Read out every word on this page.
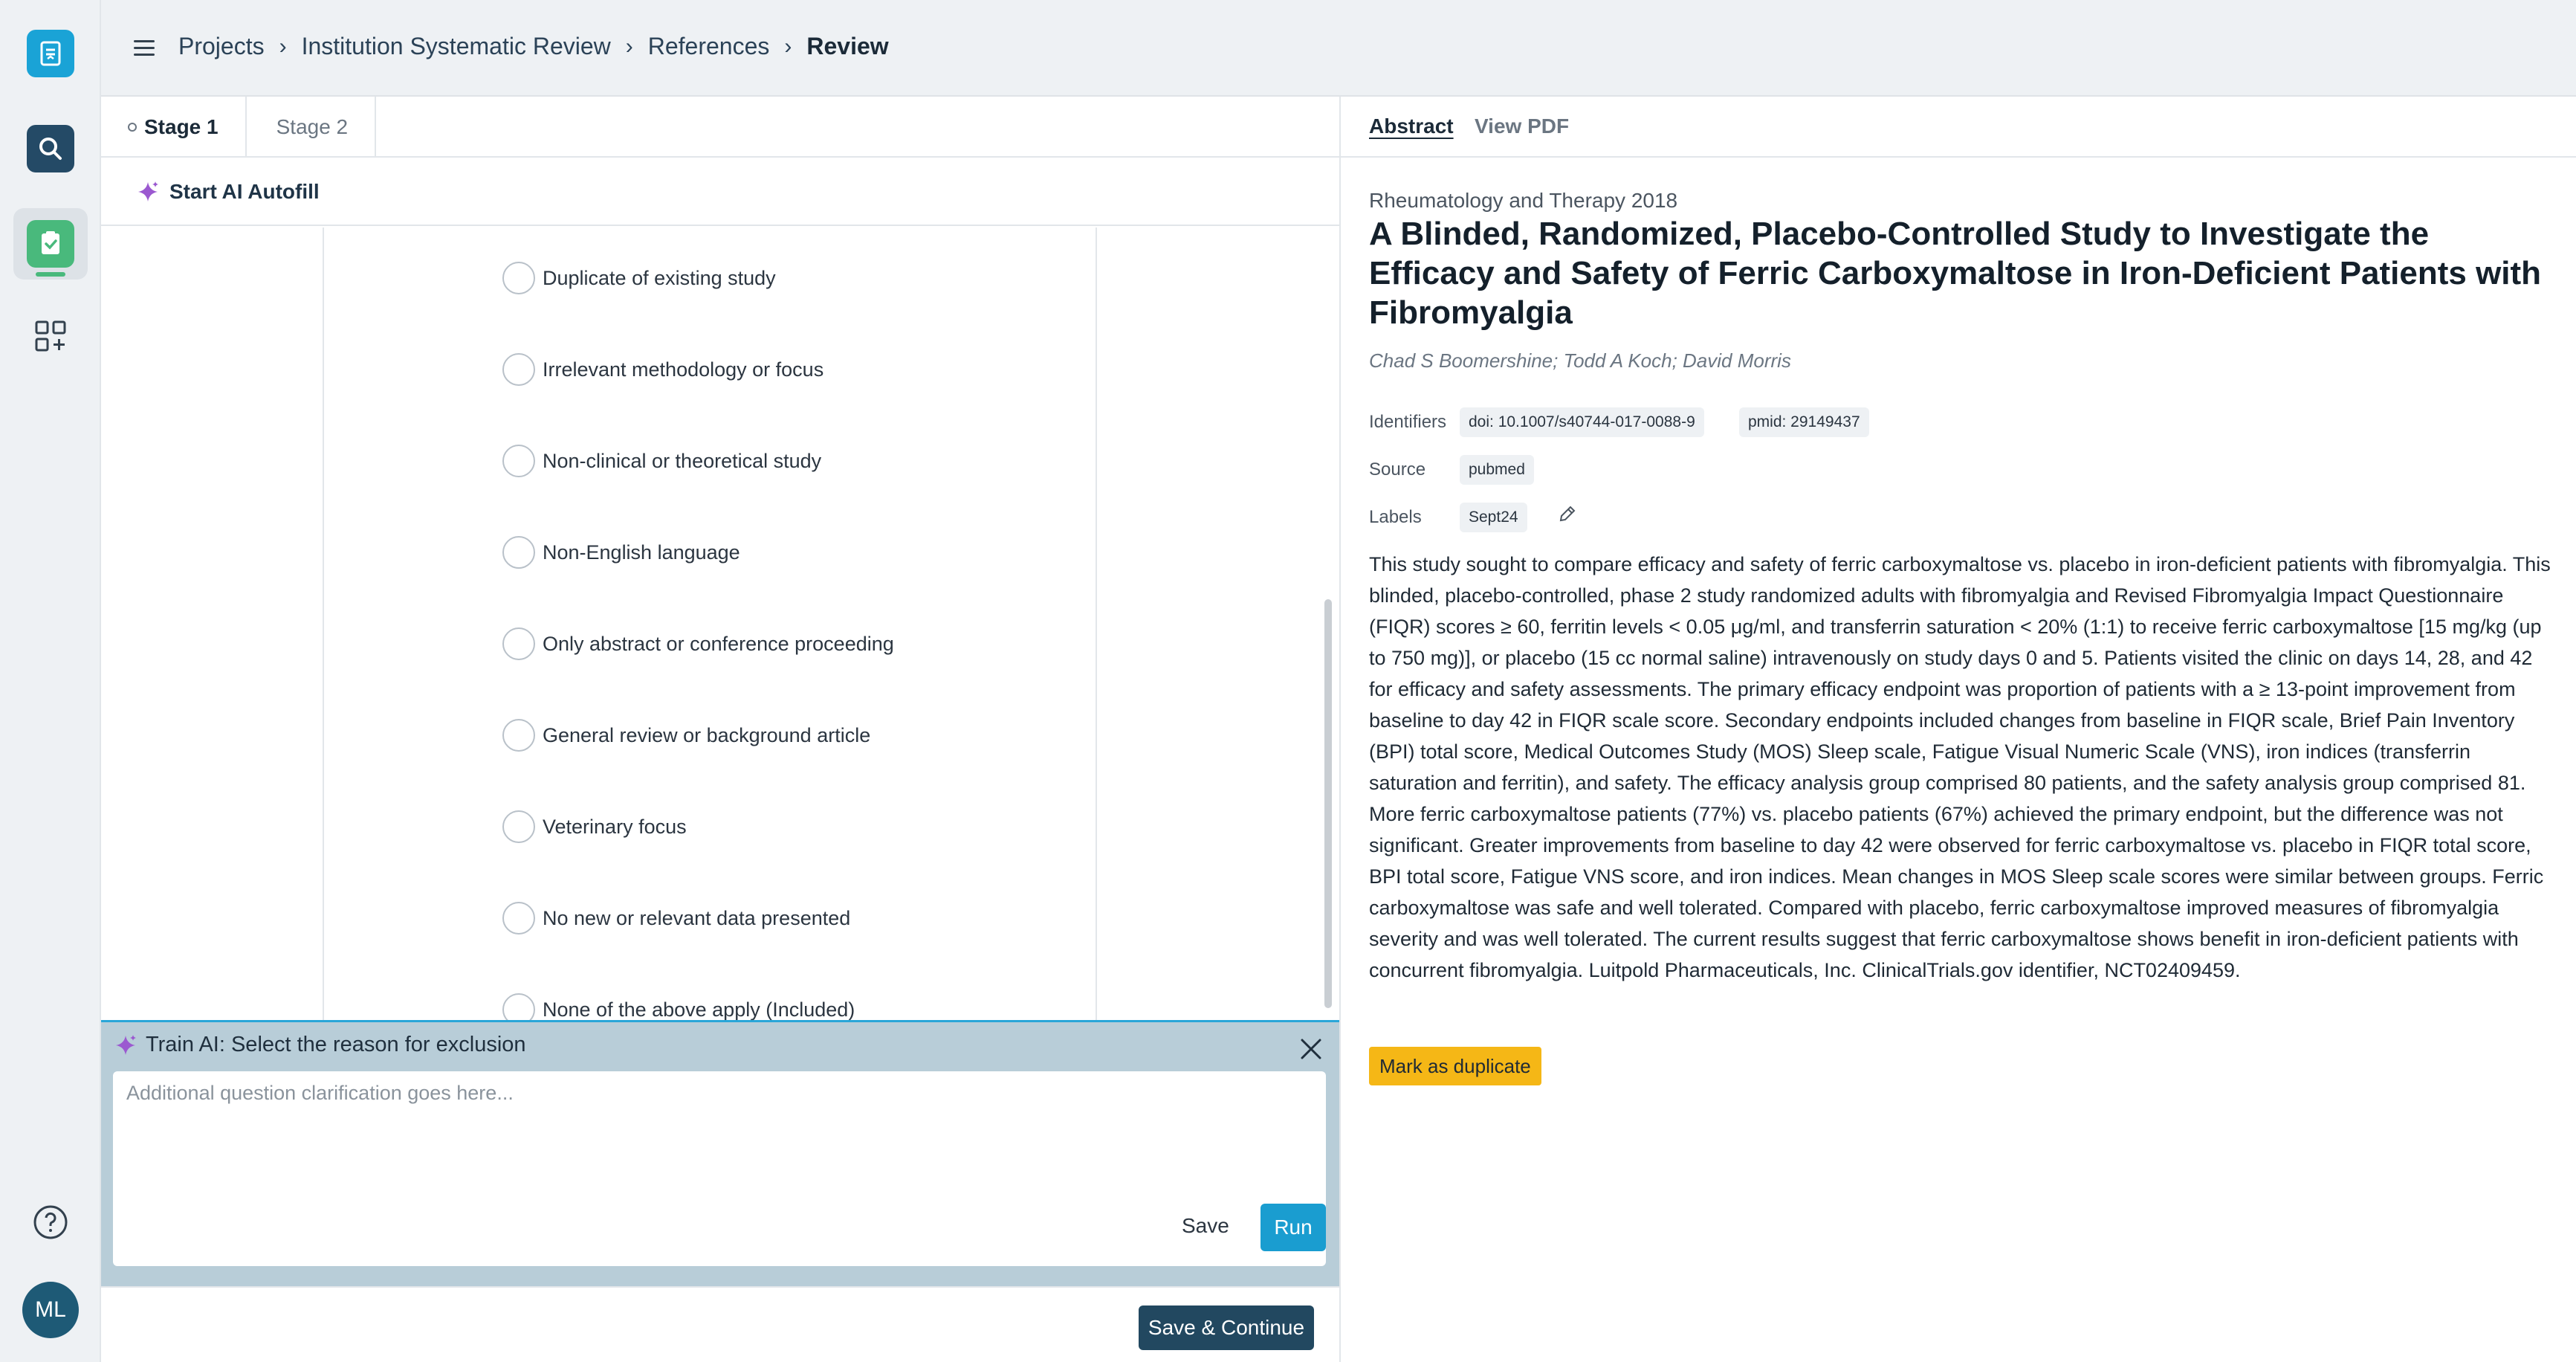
ML
Projects › Institution Systematic Review › References › Review
Stage 1	Stage 2
Start AI Autofill
Duplicate of existing study
Irrelevant methodology or focus
Non-clinical or theoretical study
Non-English language
Only abstract or conference proceeding
General review or background article
Veterinary focus
No new or relevant data presented
None of the above apply (Included)
Train AI: Select the reason for exclusion
Additional question clarification goes here...
Save	Run
Save & Continue
Abstract View PDF
Rheumatology and Therapy 2018
A Blinded, Randomized, Placebo-Controlled Study to Investigate the Efficacy and Safety of Ferric Carboxymaltose in Iron-Deficient Patients with Fibromyalgia
Chad S Boomershine; Todd A Koch; David Morris
Identifiers	doi: 10.1007/s40744-017-0088-9	pmid: 29149437
Source	pubmed
Labels	Sept24
This study sought to compare efficacy and safety of ferric carboxymaltose vs. placebo in iron-deficient patients with fibromyalgia. This blinded, placebo-controlled, phase 2 study randomized adults with fibromyalgia and Revised Fibromyalgia Impact Questionnaire (FIQR) scores ≥ 60, ferritin levels < 0.05 μg/ml, and transferrin saturation < 20% (1:1) to receive ferric carboxymaltose [15 mg/kg (up to 750 mg)], or placebo (15 cc normal saline) intravenously on study days 0 and 5. Patients visited the clinic on days 14, 28, and 42 for efficacy and safety assessments. The primary efficacy endpoint was proportion of patients with a ≥ 13-point improvement from baseline to day 42 in FIQR scale score. Secondary endpoints included changes from baseline in FIQR scale, Brief Pain Inventory (BPI) total score, Medical Outcomes Study (MOS) Sleep scale, Fatigue Visual Numeric Scale (VNS), iron indices (transferrin saturation and ferritin), and safety. The efficacy analysis group comprised 80 patients, and the safety analysis group comprised 81. More ferric carboxymaltose patients (77%) vs. placebo patients (67%) achieved the primary endpoint, but the difference was not significant. Greater improvements from baseline to day 42 were observed for ferric carboxymaltose vs. placebo in FIQR total score, BPI total score, Fatigue VNS score, and iron indices. Mean changes in MOS Sleep scale scores were similar between groups. Ferric carboxymaltose was safe and well tolerated. Compared with placebo, ferric carboxymaltose improved measures of fibromyalgia severity and was well tolerated. The current results suggest that ferric carboxymaltose shows benefit in iron-deficient patients with concurrent fibromyalgia. Luitpold Pharmaceuticals, Inc. ClinicalTrials.gov identifier, NCT02409459.
Mark as duplicate
